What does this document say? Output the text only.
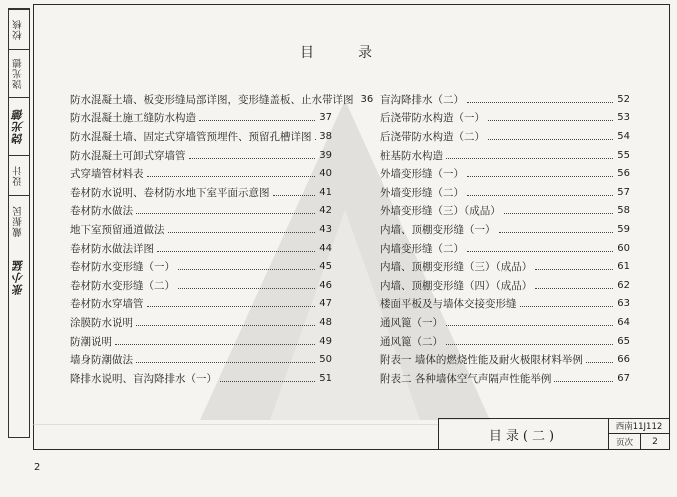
校核
饶光德
饶光德
设计
戴振民
张小猛
目录
防水混凝土墙、板变形缝局部详图，变形缝盖板、止水带详图 36
防水混凝土施工缝防水构造	37
防水混凝土墙、固定式穿墙管预埋件、预留孔槽详图 38
防水混凝土可卸式穿墙管	39
式穿墙管材料表	40
卷材防水说明、卷材防水地下室平面示意图	41
卷材防水做法	42
地下室预留通道做法	43
卷材防水做法详图	44
卷材防水变形缝（一）	45
卷材防水变形缝（二）	46
卷材防水穿墙管	47
涂膜防水说明	48
防潮说明	49
墙身防潮做法	50
降排水说明、盲沟降排水（一）	51
盲沟降排水（二）	52
后浇带防水构造（一）	53
后浇带防水构造（二）	54
桩基防水构造	55
外墙变形缝（一）	56
外墙变形缝（二）	57
外墙变形缝（三）（成品）	58
内墙、顶棚变形缝（一）	59
内墙变形缝（二）	60
内墙、顶棚变形缝（三）（成品）	61
内墙、顶棚变形缝（四）（成品）	62
楼面平板及与墙体交接变形缝	63
通风篦（一）	64
通风篦（二）	65
附表一 墙体的燃烧性能及耐火极限材料举例	66
附表二 各种墙体空气声隔声性能举例	67
目录(二)
西南11J112
页次	2
2
